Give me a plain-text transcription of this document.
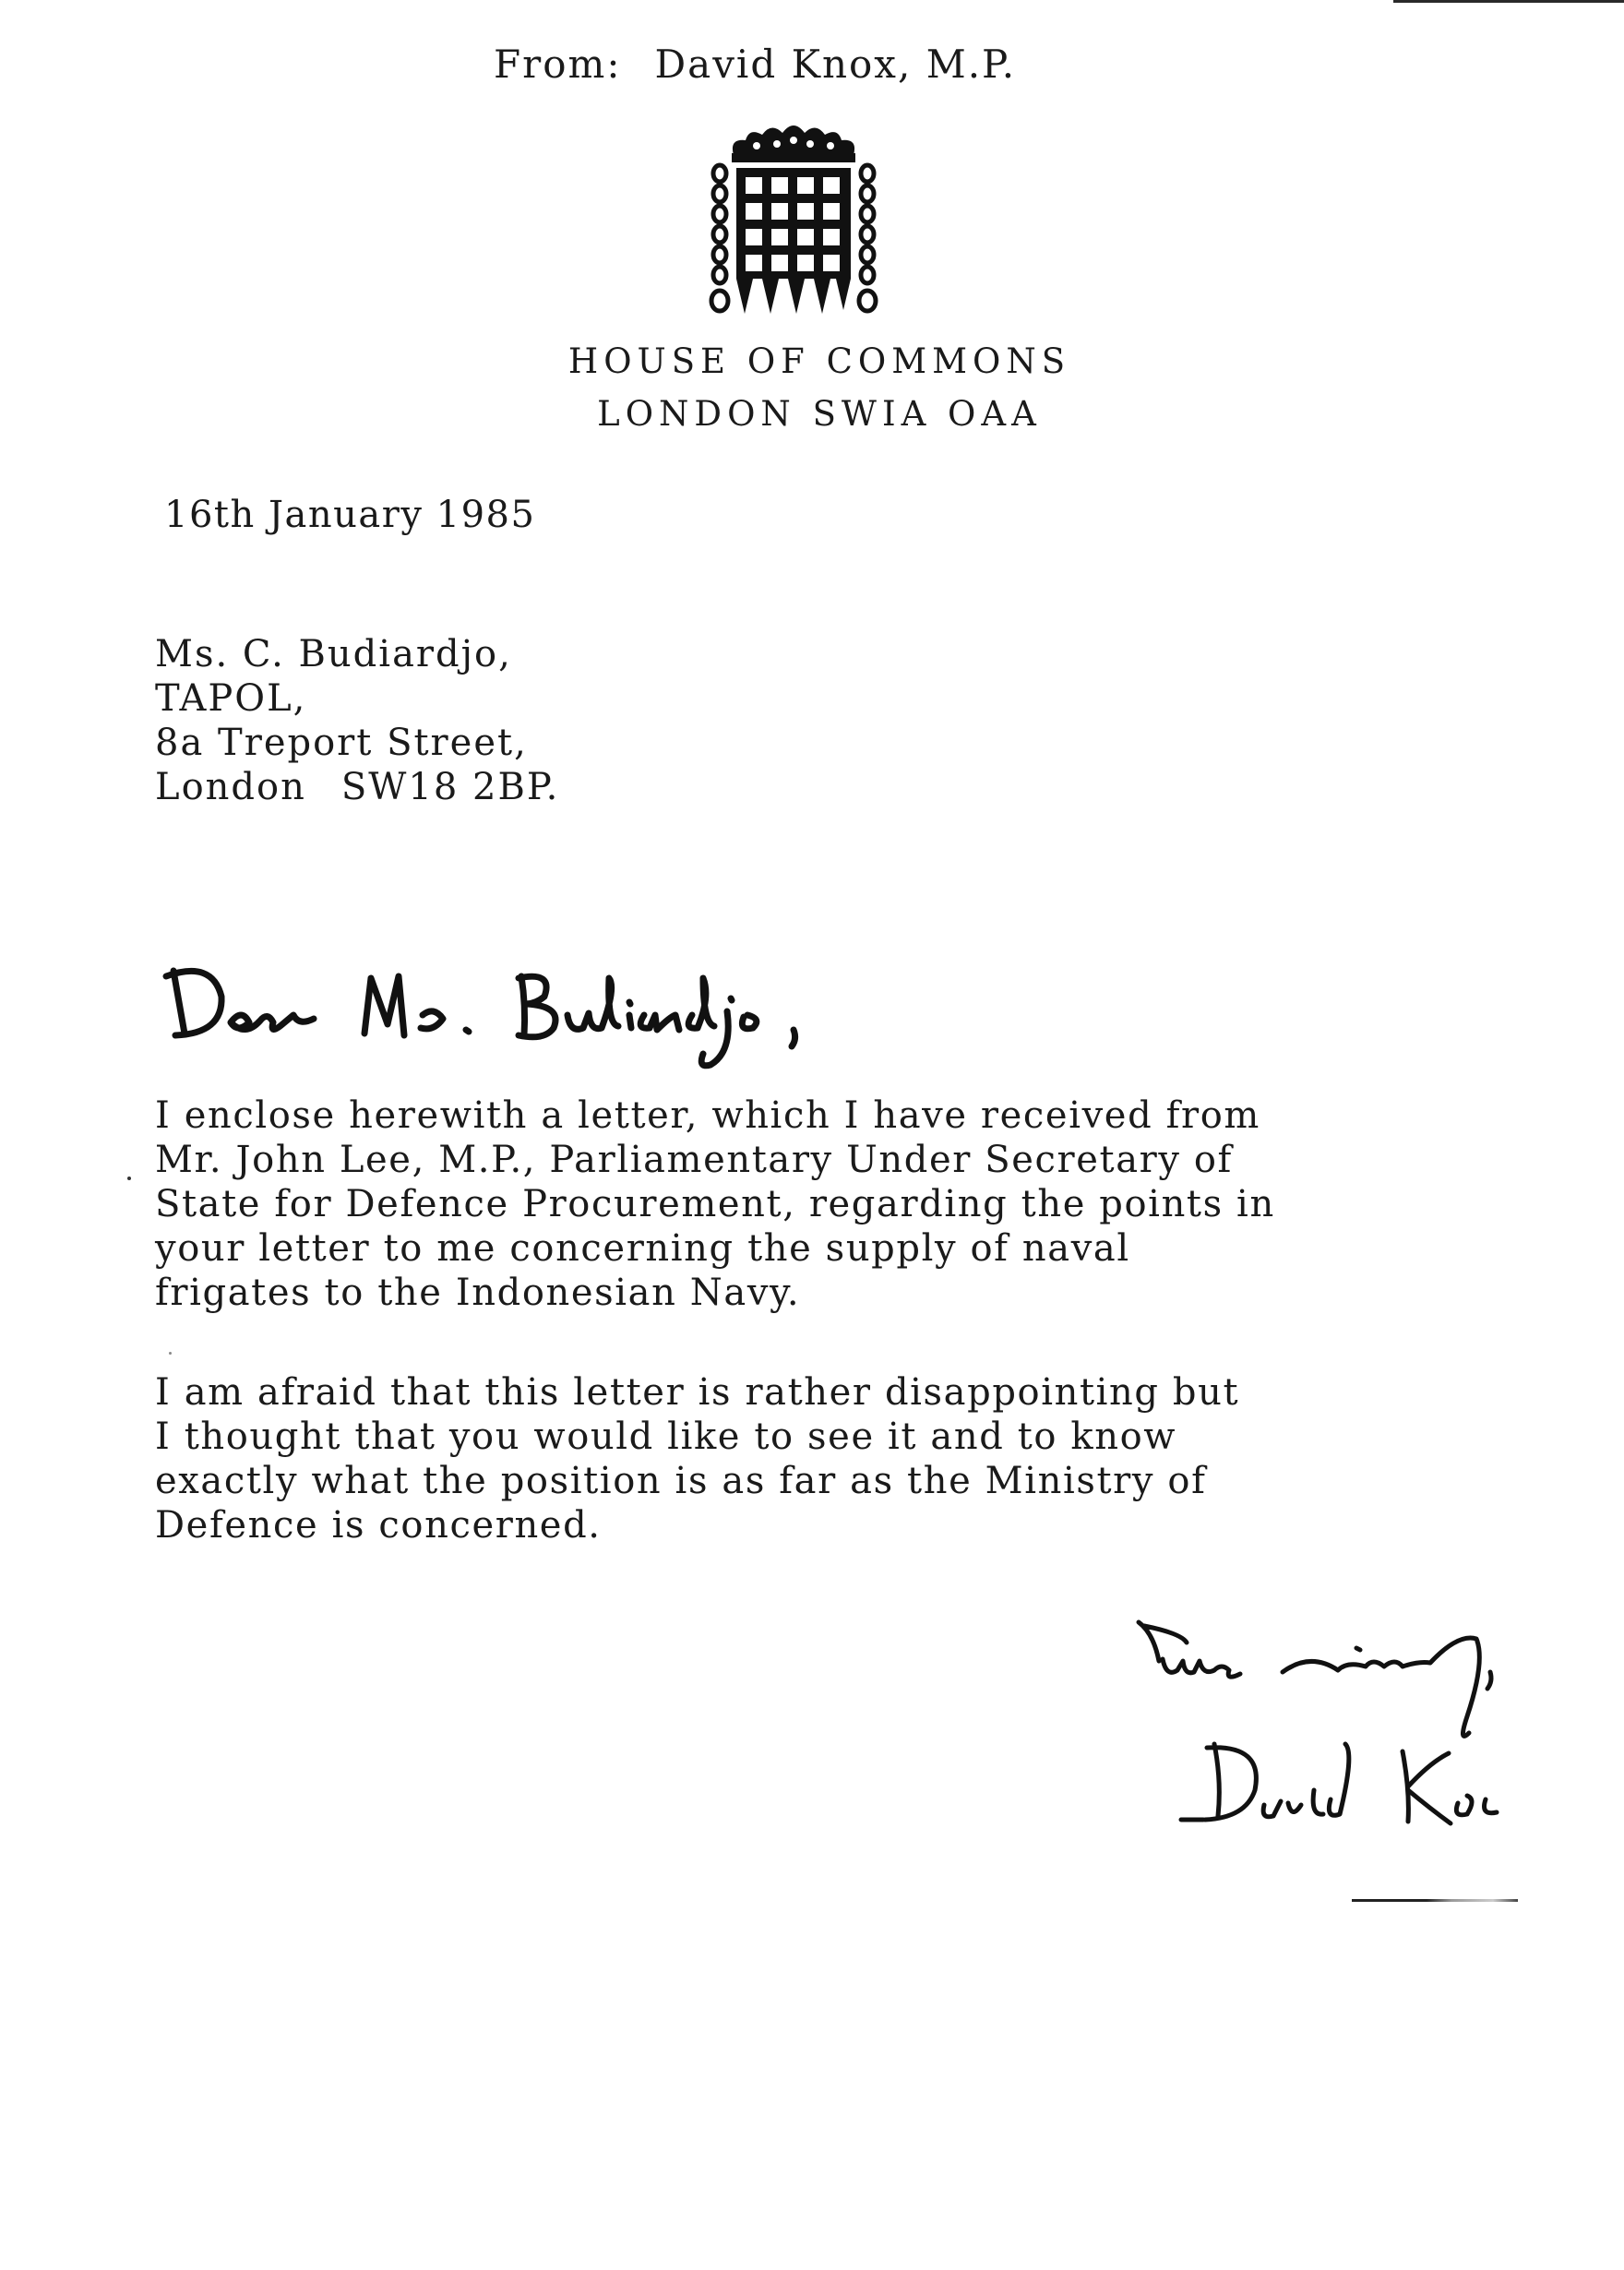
From: David Knox, M.P.
HOUSE OF COMMONS
LONDON SWIA OAA
16th January 1985
Ms. C. Budiardjo,
TAPOL,
8a Treport Street,
London SW18 2BP.
I enclose herewith a letter, which I have received from
Mr. John Lee, M.P., Parliamentary Under Secretary of
State for Defence Procurement, regarding the points in
your letter to me concerning the supply of naval
frigates to the Indonesian Navy.
I am afraid that this letter is rather disappointing but
I thought that you would like to see it and to know
exactly what the position is as far as the Ministry of
Defence is concerned.
